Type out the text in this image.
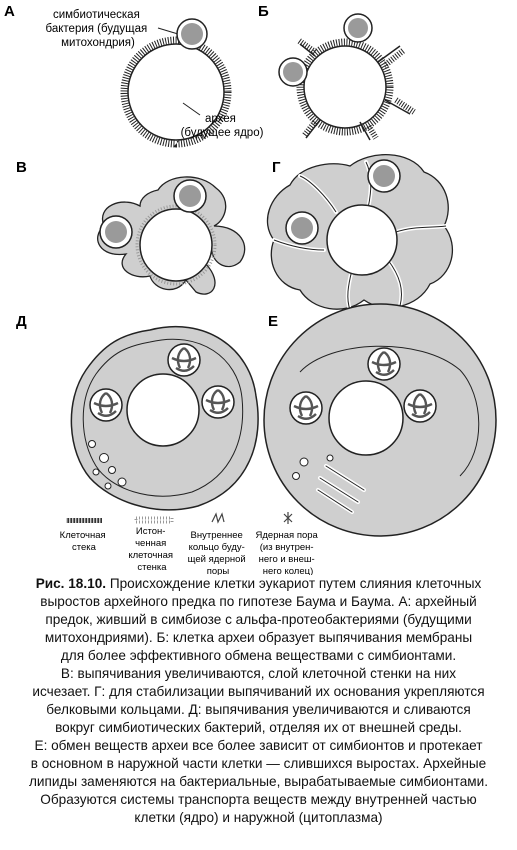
А	симбиотическая бактерия (будущая митохондрия)
архея (будущее ядро)
Б
В	Г
Д	Е
Клеточная стека
Истон- ченная клеточная стенка
Внутреннее кольцо буду- щей ядерной поры
Ядерная пора (из внутрен- него и внеш- него колец)
Рис. 18.10. Происхождение клетки эукариот путем слияния клеточных
выростов архейного предка по гипотезе Баума и Баума. А: архейный
предок, живший в симбиозе с альфа-протеобактериями (будущими
митохондриями). Б: клетка археи образует выпячивания мембраны
для более эффективного обмена веществами с симбионтами.
В: выпячивания увеличиваются, слой клеточной стенки на них
исчезает. Г: для стабилизации выпячиваний их основания укрепляются
белковыми кольцами. Д: выпячивания увеличиваются и сливаются
вокруг симбиотических бактерий, отделяя их от внешней среды.
Е: обмен веществ археи все более зависит от симбионтов и протекает
в основном в наружной части клетки — слившихся выростах. Архейные
липиды заменяются на бактериальные, вырабатываемые симбионтами.
Образуются системы транспорта веществ между внутренней частью
клетки (ядро) и наружной (цитоплазма)
